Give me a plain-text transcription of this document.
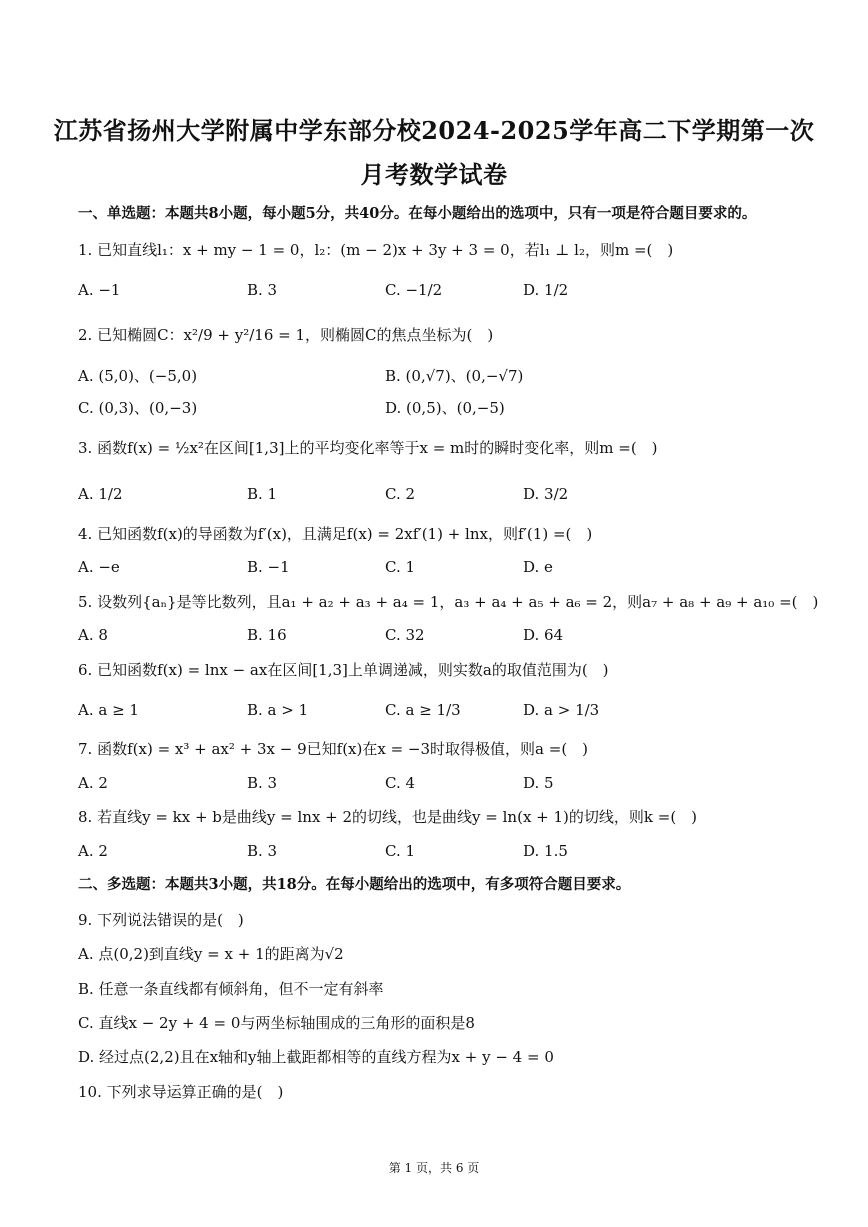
江苏省扬州大学附属中学东部分校2024-2025学年高二下学期第一次
月考数学试卷
一、单选题：本题共8小题，每小题5分，共40分。在每小题给出的选项中，只有一项是符合题目要求的。
1. 已知直线l₁：x + my − 1 = 0，l₂：(m − 2)x + 3y + 3 = 0，若l₁ ⊥ l₂，则m =(　)
A. −1	B. 3	C. −1/2	D. 1/2
2. 已知椭圆C：x²/9 + y²/16 = 1，则椭圆C的焦点坐标为(　)
A. (5,0)、(−5,0)	B. (0,√7)、(0,−√7)
C. (0,3)、(0,−3)	D. (0,5)、(0,−5)
3. 函数f(x) = ½x²在区间[1,3]上的平均变化率等于x = m时的瞬时变化率，则m =(　)
A. 1/2	B. 1	C. 2	D. 3/2
4. 已知函数f(x)的导函数为f′(x)，且满足f(x) = 2xf′(1) + lnx，则f′(1) =(　)
A. −e	B. −1	C. 1	D. e
5. 设数列{aₙ}是等比数列，且a₁ + a₂ + a₃ + a₄ = 1，a₃ + a₄ + a₅ + a₆ = 2，则a₇ + a₈ + a₉ + a₁₀ =(　)
A. 8	B. 16	C. 32	D. 64
6. 已知函数f(x) = lnx − ax在区间[1,3]上单调递减，则实数a的取值范围为(　)
A. a ≥ 1	B. a > 1	C. a ≥ 1/3	D. a > 1/3
7. 函数f(x) = x³ + ax² + 3x − 9已知f(x)在x = −3时取得极值，则a =(　)
A. 2	B. 3	C. 4	D. 5
8. 若直线y = kx + b是曲线y = lnx + 2的切线，也是曲线y = ln(x + 1)的切线，则k =(　)
A. 2	B. 3	C. 1	D. 1.5
二、多选题：本题共3小题，共18分。在每小题给出的选项中，有多项符合题目要求。
9. 下列说法错误的是(　)
A. 点(0,2)到直线y = x + 1的距离为√2
B. 任意一条直线都有倾斜角，但不一定有斜率
C. 直线x − 2y + 4 = 0与两坐标轴围成的三角形的面积是8
D. 经过点(2,2)且在x轴和y轴上截距都相等的直线方程为x + y − 4 = 0
10. 下列求导运算正确的是(　)
第 1 页，共 6 页
